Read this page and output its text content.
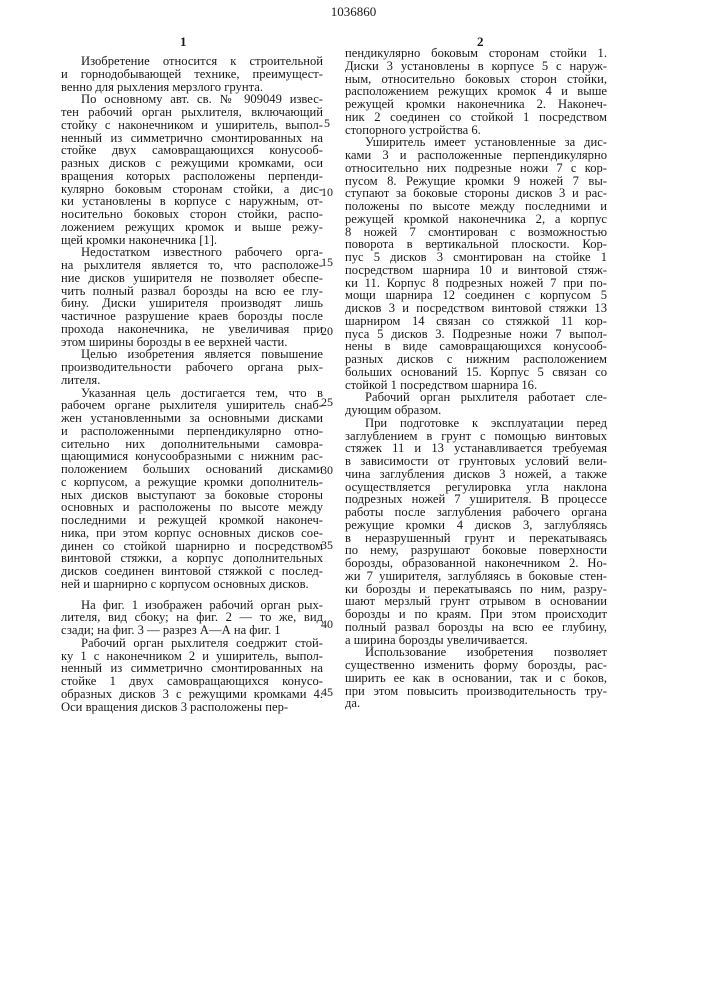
1036860
1	2
Изобретение относится к строительной
и горнодобывающей технике, преимущест-
венно для рыхления мерзлого грунта.
По основному авт. св. № 909049 извес-
тен рабочий орган рыхлителя, включающий
стойку с наконечником и уширитель, выпол-
ненный из симметрично смонтированных на
стойке двух самовращающихся конусооб-
разных дисков с режущими кромками, оси
вращения которых расположены перпенди-
кулярно боковым сторонам стойки, а дис-
ки установлены в корпусе с наружным, от-
носительно боковых сторон стойки, распо-
ложением режущих кромок и выше режу-
щей кромки наконечника [1].
Недостатком известного рабочего орга-
на рыхлителя является то, что расположе-
ние дисков уширителя не позволяет обеспе-
чить полный развал борозды на всю ее глу-
бину. Диски уширителя производят лишь
частичное разрушение краев борозды после
прохода наконечника, не увеличивая при
этом ширины борозды в ее верхней части.
Целью изобретения является повышение
производительности рабочего органа рых-
лителя.
Указанная цель достигается тем, что в
рабочем органе рыхлителя уширитель снаб-
жен установленными за основными дисками
и расположенными перпендикулярно отно-
сительно них дополнительными самовра-
щающимися конусообразными с нижним рас-
положением больших оснований дисками
с корпусом, а режущие кромки дополнитель-
ных дисков выступают за боковые стороны
основных и расположены по высоте между
последними и режущей кромкой наконеч-
ника, при этом корпус основных дисков сое-
динен со стойкой шарнирно и посредством
винтовой стяжки, а корпус дополнительных
дисков соединен винтовой стяжкой с послед-
ней и шарнирно с корпусом основных дисков.
На фиг. 1 изображен рабочий орган рых-
лителя, вид сбоку; на фиг. 2 — то же, вид
сзади; на фиг. 3 — разрез А—А на фиг. 1
Рабочий орган рыхлителя соедржит стой-
ку 1 с наконечником 2 и уширитель, выпол-
ненный из симметрично смонтированных на
стойке 1 двух самовращающихся конусо-
образных дисков 3 с режущими кромками 4.
Оси вращения дисков 3 расположены пер-
пендикулярно боковым сторонам стойки 1.
Диски 3 установлены в корпусе 5 с наруж-
ным, относительно боковых сторон стойки,
расположением режущих кромок 4 и выше
режущей кромки наконечника 2. Наконеч-
ник 2 соединен со стойкой 1 посредством
стопорного устройства 6.
Уширитель имеет установленные за дис-
ками 3 и расположенные перпендикулярно
относительно них подрезные ножи 7 с кор-
пусом 8. Режущие кромки 9 ножей 7 вы-
ступают за боковые стороны дисков 3 и рас-
положены по высоте между последними и
режущей кромкой наконечника 2, а корпус
8 ножей 7 смонтирован с возможностью
поворота в вертикальной плоскости. Кор-
пус 5 дисков 3 смонтирован на стойке 1
посредством шарнира 10 и винтовой стяж-
ки 11. Корпус 8 подрезных ножей 7 при по-
мощи шарнира 12 соединен с корпусом 5
дисков 3 и посредством винтовой стяжки 13
шарниром 14 связан со стяжкой 11 кор-
пуса 5 дисков 3. Подрезные ножи 7 выпол-
нены в виде самовращающихся конусооб-
разных дисков с нижним расположением
больших оснований 15. Корпус 5 связан со
стойкой 1 посредством шарнира 16.
Рабочий орган рыхлителя работает сле-
дующим образом.
При подготовке к эксплуатации перед
заглублением в грунт с помощью винтовых
стяжек 11 и 13 устанавливается требуемая
в зависимости от грунтовых условий вели-
чина заглубления дисков 3 ножей, а также
осуществляется регулировка угла наклона
подрезных ножей 7 уширителя. В процессе
работы после заглубления рабочего органа
режущие кромки 4 дисков 3, заглубляясь
в неразрушенный грунт и перекатываясь
по нему, разрушают боковые поверхности
борозды, образованной наконечником 2. Но-
жи 7 уширителя, заглубляясь в боковые стен-
ки борозды и перекатываясь по ним, разру-
шают мерзлый грунт отрывом в основании
борозды и по краям. При этом происходит
полный развал борозды на всю ее глубину,
а ширина борозды увеличивается.
Использование изобретения позволяет
существенно изменить форму борозды, рас-
ширить ее как в основании, так и с боков,
при этом повысить производительность тру-
да.
5
10
15
20
25
30
35
40
45
